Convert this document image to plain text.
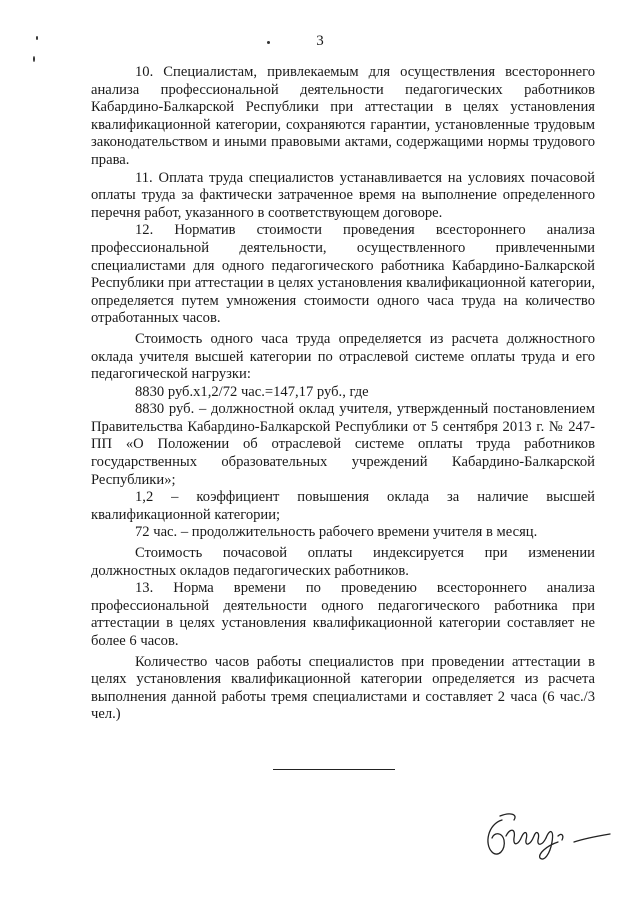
3

10. Специалистам, привлекаемым для осуществления всестороннего анализа профессиональной деятельности педагогических работников Кабардино-Балкарской Республики при аттестации в целях установления квалификационной категории, сохраняются гарантии, установленные трудовым законодательством и иными правовыми актами, содержащими нормы трудового права.

11. Оплата труда специалистов устанавливается на условиях почасовой оплаты труда за фактически затраченное время на выполнение определенного перечня работ, указанного в соответствующем договоре.

12. Норматив стоимости проведения всестороннего анализа профессиональной деятельности, осуществленного привлеченными специалистами для одного педагогического работника Кабардино-Балкарской Республики при аттестации в целях установления квалификационной категории, определяется путем умножения стоимости одного часа труда на количество отработанных часов.

Стоимость одного часа труда определяется из расчета должностного оклада учителя высшей категории по отраслевой системе оплаты труда и его педагогической нагрузки:

8830 руб.х1,2/72 час.=147,17 руб., где

8830 руб. – должностной оклад учителя, утвержденный постановлением Правительства Кабардино-Балкарской Республики от 5 сентября 2013 г. № 247-ПП «О Положении об отраслевой системе оплаты труда работников государственных образовательных учреждений Кабардино-Балкарской Республики»;

1,2 – коэффициент повышения оклада за наличие высшей квалификационной категории;

72 час. – продолжительность рабочего времени учителя в месяц.

Стоимость почасовой оплаты индексируется при изменении должностных окладов педагогических работников.

13. Норма времени по проведению всестороннего анализа профессиональной деятельности одного педагогического работника при аттестации в целях установления квалификационной категории составляет не более 6 часов.

Количество часов работы специалистов при проведении аттестации в целях установления квалификационной категории определяется из расчета выполнения данной работы тремя специалистами и составляет 2 часа (6 час./3 чел.)
